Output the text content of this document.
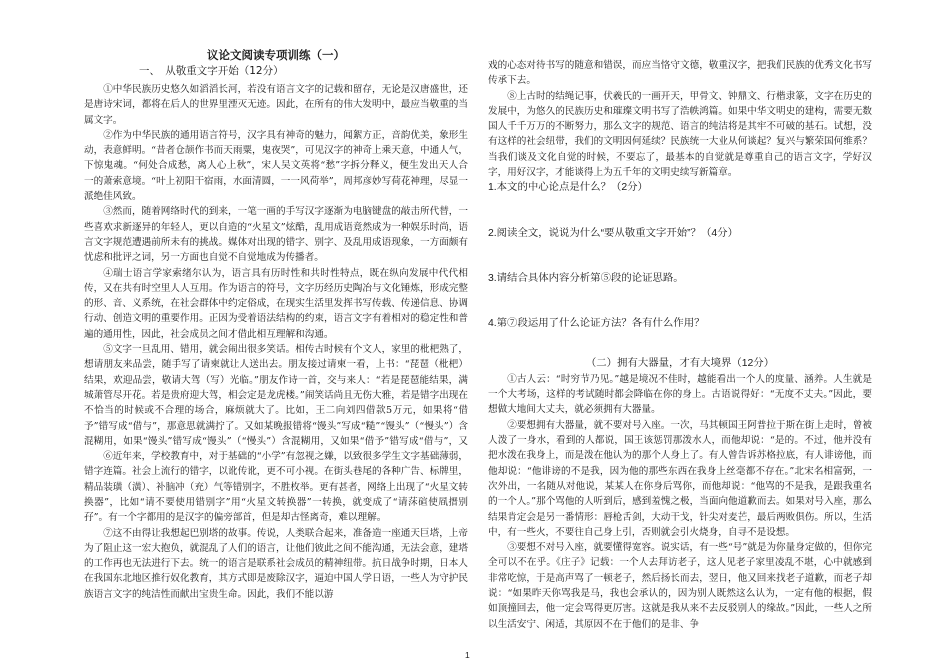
议论文阅读专项训练（一）
一、　从敬重文字开始（12分）

①中华民族历史悠久如滔滔长河，若没有语言文字的记载和留存，无论是汉唐盛世，还是唐诗宋词，都将在后人的世界里湮灭无迹。因此，在所有的伟大发明中，最应当敬重的当属文字。

②作为中华民族的通用语言符号，汉字具有神奇的魅力，闻絮方正，音韵优美，象形生动，表意鲜明。“昔者仓颉作书而天雨粟，鬼夜哭”，可见汉字的神奇上乘天意，中通人气，下惊鬼魂。“何处合成愁，离人心上秋”，宋人吴文英将“愁”字拆分释义，便生发出天人合一的萧索意境。“叶上初阳干宿雨，水面清圆，一一风荷举”，周邦彦妙写荷花神理，尽显一派绝佳风致。

③然而，随着网络时代的到来，一笔一画的手写汉字逐渐为电脑键盘的敲击所代替，一些喜欢求新逐异的年轻人，更以自造的“火星文”炫酷，乱用成语竟然成为一种娱乐时尚，语言文字规范遭遇前所未有的挑战。媒体对出现的错字、别字、及乱用成语现象，一方面颇有忧虑和批评之词，另一方面也自觉不自觉地成为传播者。

④瑞士语言学家索绪尔认为，语言具有历时性和共时性特点，既在纵向发展中代代相传，又在共有时空里人人互用。作为语言的符号，文字历经历史陶冶与文化锤炼，形成完整的形、音、义系统，在社会群体中约定俗成，在现实生活里发挥书写传载、传递信息、协调行动、创造文明的重要作用。正因为受着语法结构的约束，语言文字有着相对的稳定性和普遍的通用性，因此，社会成员之间才借此相互理解和沟通。

⑤文字一旦乱用、错用，就会闹出很多笑话。相传古时候有个文人，家里的枇杷熟了，想请朋友来品尝，随手写了请柬就让人送出去。朋友接过请柬一看，上书：“琵琶（枇杷）结果，欢迎品尝，敬请大驾（写）光临。”朋友作诗一首，交与来人：“若是琵琶能结果，满城萧管尽开花。若是贵府迎大驾，相会定是龙虎楼。”闹笑话尚且无伤大雅，若是错字出现在不恰当的时候或不合理的场合，麻烦就大了。比如，王二向刘四借款5万元，如果将“借予”错写成“借与”，那意思就满拧了。又如某晚报错将“馒头”写成“糙”“馒头”（“慢头”）含混糊用，如果“馒头”错写成“馒头”（“慢头”）含混糊用，又如果“借予”错写成“借与”，又

⑥近年来，学校教育中，对于基础的“小学”有忽视之嫌，以致很多学生文字基础薄弱，错字连篇。社会上流行的错字，以讹传讹，更不可小视。在街头巷尾的各种广告、标牌里，精品装璜（潢）、补脑冲（充）气等错别字，不胜枚举。更有甚者，网络上出现了“火星文转换器”，比如“请不要使用错别字”用“火星文转换器”一转换，就变成了“请莯碹使凮搢别孖”。有一个字都用的是汉字的偏旁部首，但是却古怪离奇，难以理解。

⑦这不由得让我想起巴别塔的故事。传说，人类联合起来，准备造一座通天巨塔，上帝为了阻止这一宏大抱负，就混乱了人们的语言，让他们彼此之间不能沟通，无法会意，建塔的工作再也无法进行下去。统一的语言是联系社会成员的精神纽带。抗日战争时期，日本人在我国东北地区推行奴化教育，其方式即是废除汉字，逼迫中国人学日语，一些人为守护民族语言文字的纯洁性而献出宝贵生命。因此，我们不能以游

戏的心态对待书写的随意和错误，而应当恪守文德，敬重汉字，把我们民族的优秀文化书写传承下去。

⑧上古时的结绳记事，伏羲氏的一画开天，甲骨文、钟鼎文、行楷隶篆，文字在历史的发展中，为悠久的民族历史和璀璨文明书写了浩帙鸿篇。如果中华文明史的建构，需要无数国人千千万万的不断努力，那么文字的规范、语言的纯洁将是其牢不可破的基石。试想，没有这样的社会纽带，我们的文明因何延续？民族统一大业从何谈起？复兴与繁荣国何维系？当我们谈及文化自觉的时候，不要忘了，最基本的自觉就是尊重自己的语言文字，学好汉字，用好汉字，才能谈得上为五千年的文明史续写新篇章。

1.本文的中心论点是什么？（2分）

2.阅读全文，说说为什么“要从敬重文字开始”？（4分）

3.请结合具体内容分析第⑤段的论证思路。

4.第⑦段运用了什么论证方法？各有什么作用？

（二）拥有大器量，才有大境界（12分）

①古人云：“时穷节乃见。”越是境况不佳时，越能看出一个人的度量、涵养。人生就是一个大考场，这样的考试随时都会降临在你的身上。古语说得好：“无度不丈夫。”因此，要想做大地间大丈夫，就必须拥有大器量。

②要想拥有大器量，就不要对号入座。一次，马其顿国王阿普拉于斯在街上走时，曾被人泼了一身水，看到的人都说，国王该惩罚那泼水人，而他却说：“是的。不过，他并没有把水泼在我身上，而是泼在他认为的那个人身上了。有人曾告诉苏格拉底，有人诽谤他，而他却说：“他诽谤的不是我，因为他的那些东西在我身上丝毫都不存在。”北宋名相富弼，一次外出，一名随从对他说，某某人在你身后骂你，而他却说：“他骂的不是我，是跟我重名的一个人。”那个骂他的人听到后，感到羞愧之极，当面向他道歉而去。如果对号入座，那么结果肯定会是另一番情形：唇枪舌剑，大动干戈，针尖对麦芒，最后两败俱伤。所以，生活中，有一些火，不要往自己身上引，否则就会引火烧身，自寻不是设想。

③要想不对号入座，就要懂得宽容。说实话，有一些“号”就是为你量身定做的，但你完全可以不在乎。《庄子》记载：一个人去拜访老子，这人见老子家里凌乱不堪，心中就感到非常吃惊，于是高声骂了一顿老子，然后扬长而去，翌日，他又回来找老子道歉，而老子却说：“如果昨天你骂我是马，我也会承认的，因为别人既然这么认为，一定有他的根据，假如顶撞回去，他一定会骂得更厉害。这就是我从来不去反驳别人的缘故。”因此，一些人之所以生活安宁、闲适，其原因不在于他们的是非、争

1
